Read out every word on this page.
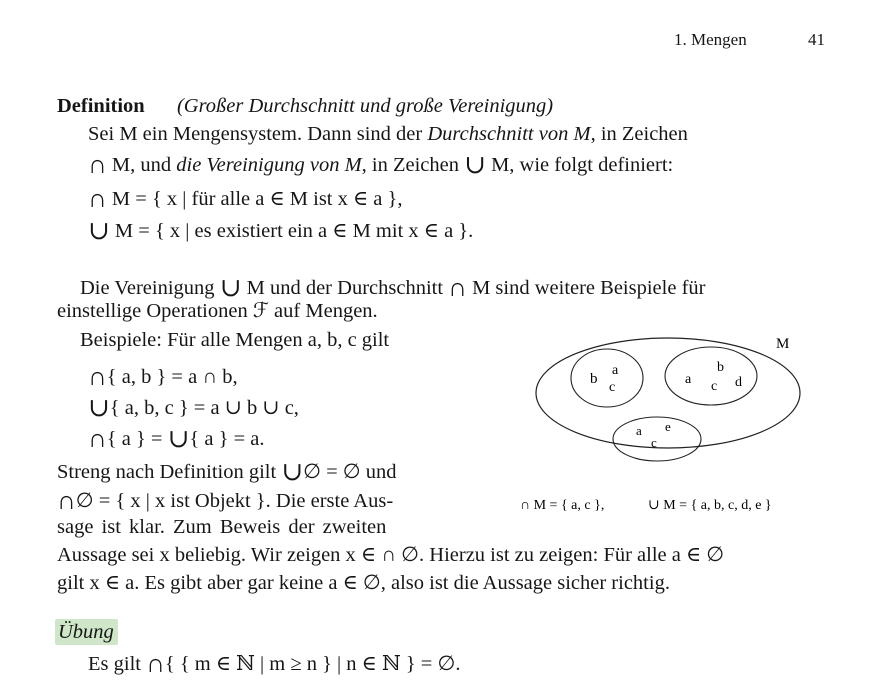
1. Mengen	41
Definition (Großer Durchschnitt und große Vereinigung)
Sei M ein Mengensystem. Dann sind der Durchschnitt von M, in Zeichen
∩ M, und die Vereinigung von M, in Zeichen ∪ M, wie folgt definiert:
∩ M = { x | für alle a ∈ M ist x ∈ a },
∪ M = { x | es existiert ein a ∈ M mit x ∈ a }.
Die Vereinigung ∪ M und der Durchschnitt ∩ M sind weitere Beispiele für
einstellige Operationen ℱ auf Mengen.
Beispiele: Für alle Mengen a, b, c gilt
∩{ a, b } = a ∩ b,
∪{ a, b, c } = a ∪ b ∪ c,
∩{ a } = ∪{ a } = a.
Streng nach Definition gilt ∪∅ = ∅ und
∩∅ = { x | x ist Objekt }. Die erste Aus-
sage ist klar. Zum Beweis der zweiten
Aussage sei x beliebig. Wir zeigen x ∈ ∩ ∅. Hierzu ist zu zeigen: Für alle a ∈ ∅
gilt x ∈ a. Es gibt aber gar keine a ∈ ∅, also ist die Aussage sicher richtig.
Übung
Es gilt ∩{ { m ∈ ℕ | m ≥ n } | n ∈ ℕ } = ∅.
M
b
a
c
b
a c d
a e
c
∩ M = { a, c },	∪ M = { a, b, c, d, e }
